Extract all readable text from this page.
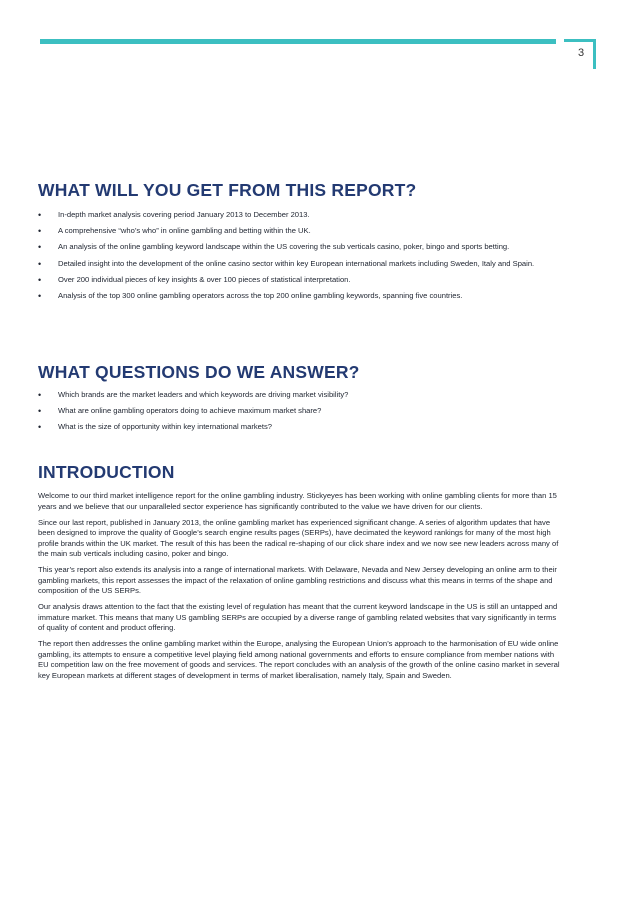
3
WHAT WILL YOU GET FROM THIS REPORT?
• In-depth market analysis covering period January 2013 to December 2013.
• A comprehensive “who’s who” in online gambling and betting within the UK.
• An analysis of the online gambling keyword landscape within the US covering the sub verticals casino, poker, bingo and sports betting.
• Detailed insight into the development of the online casino sector within key European international markets including Sweden, Italy and Spain.
• Over 200 individual pieces of key insights & over 100 pieces of statistical interpretation.
• Analysis of the top 300 online gambling operators across the top 200 online gambling keywords, spanning five countries.
WHAT QUESTIONS DO WE ANSWER?
• Which brands are the market leaders and which keywords are driving market visibility?
• What are online gambling operators doing to achieve maximum market share?
• What is the size of opportunity within key international markets?
INTRODUCTION

Welcome to our third market intelligence report for the online gambling industry. Stickyeyes has been working with online gambling clients for more than 15 years and we believe that our unparalleled sector experience has significantly contributed to the value we have driven for our clients.

Since our last report, published in January 2013, the online gambling market has experienced significant change. A series of algorithm updates that have been designed to improve the quality of Google’s search engine results pages (SERPs), have decimated the keyword rankings for many of the most high profile brands within the UK market. The result of this has been the radical re-shaping of our click share index and we now see new leaders across many of the main sub verticals including casino, poker and bingo.

This year’s report also extends its analysis into a range of international markets. With Delaware, Nevada and New Jersey developing an online arm to their gambling markets, this report assesses the impact of the relaxation of online gambling restrictions and discuss what this means in terms of the shape and composition of the US SERPs.

Our analysis draws attention to the fact that the existing level of regulation has meant that the current keyword landscape in the US is still an untapped and immature market. This means that many US gambling SERPs are occupied by a diverse range of gambling related websites that vary significantly in terms of quality of content and product offering.

The report then addresses the online gambling market within the Europe, analysing the European Union’s approach to the harmonisation of EU wide online gambling, its attempts to ensure a competitive level playing field among national governments and efforts to ensure compliance from member nations with EU competition law on the free movement of goods and services. The report concludes with an analysis of the growth of the online casino market in several key European markets at different stages of development in terms of market liberalisation, namely Italy, Spain and Sweden.
